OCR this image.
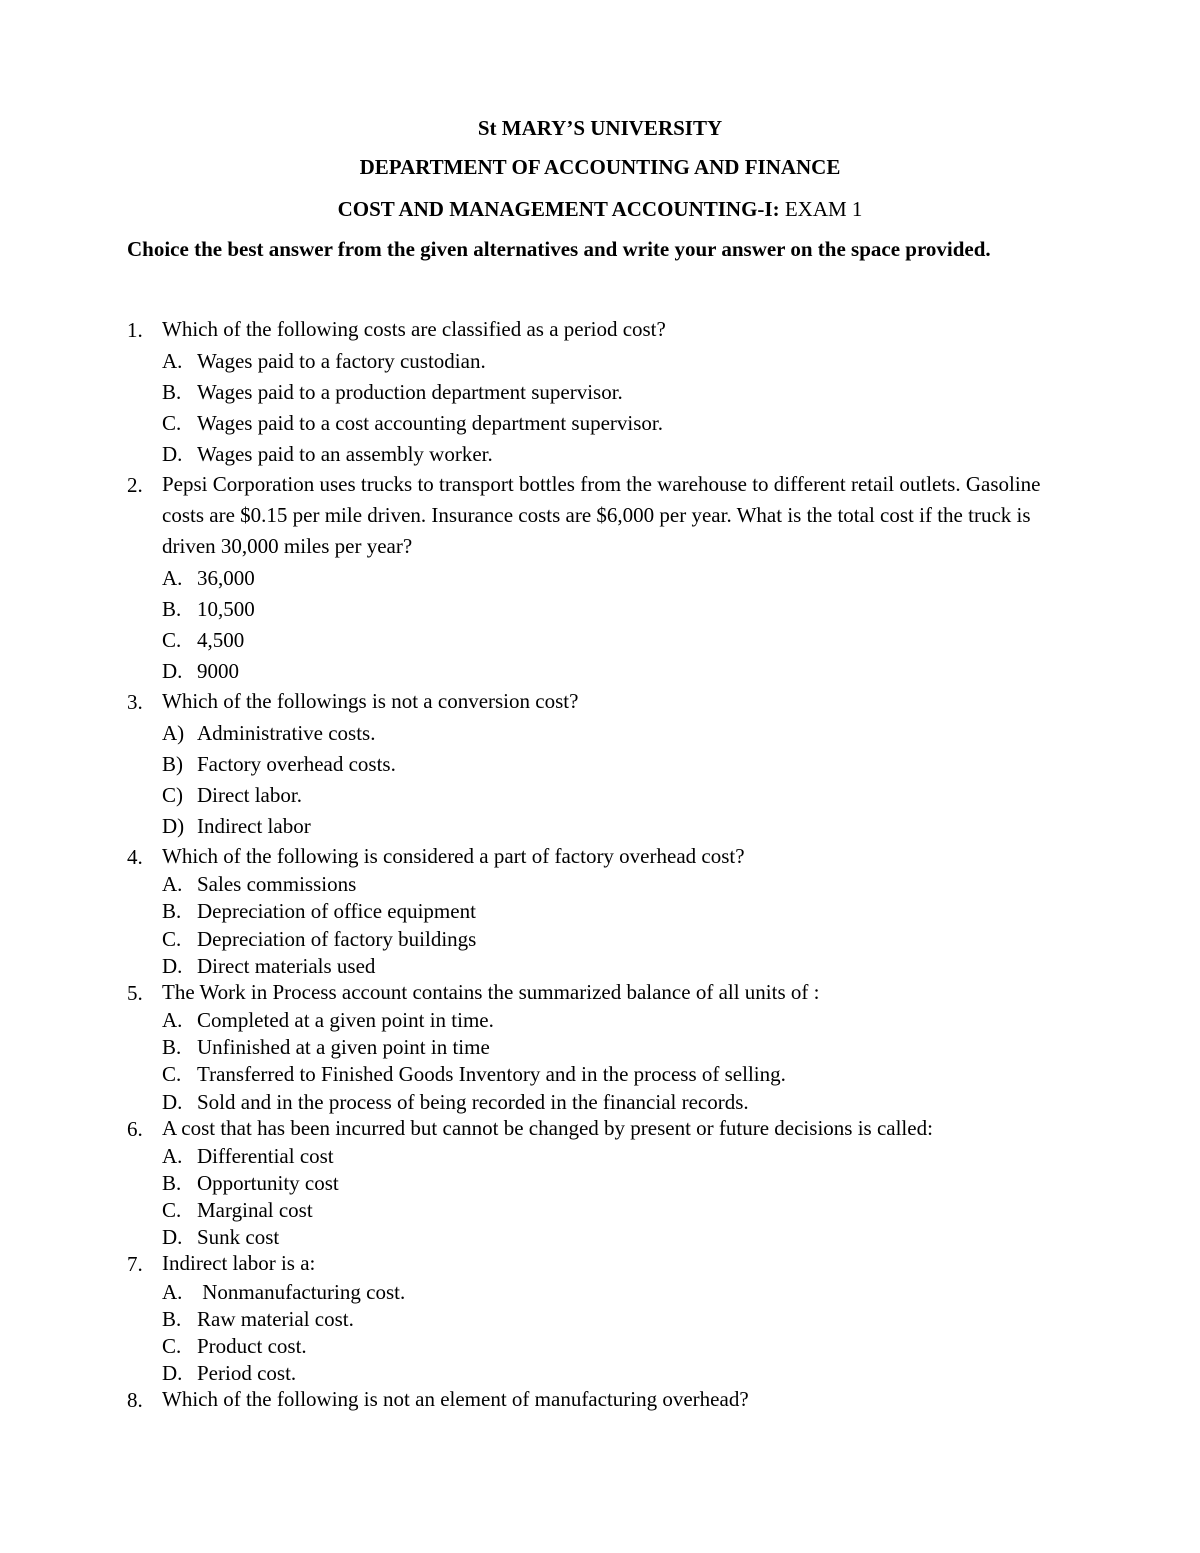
St MARY’S UNIVERSITY
DEPARTMENT OF ACCOUNTING AND FINANCE
COST AND MANAGEMENT ACCOUNTING-I: EXAM 1
Choice the best answer from the given alternatives and write your answer on the space provided.
1. Which of the following costs are classified as a period cost?
A. Wages paid to a factory custodian.
B. Wages paid to a production department supervisor.
C. Wages paid to a cost accounting department supervisor.
D. Wages paid to an assembly worker.
2. Pepsi Corporation uses trucks to transport bottles from the warehouse to different retail outlets. Gasoline costs are $0.15 per mile driven. Insurance costs are $6,000 per year. What is the total cost if the truck is driven 30,000 miles per year?
A. 36,000
B. 10,500
C. 4,500
D. 9000
3. Which of the followings is not a conversion cost?
A) Administrative costs.
B) Factory overhead costs.
C) Direct labor.
D) Indirect labor
4. Which of the following is considered a part of factory overhead cost?
A. Sales commissions
B. Depreciation of office equipment
C. Depreciation of factory buildings
D. Direct materials used
5. The Work in Process account contains the summarized balance of all units of :
A. Completed at a given point in time.
B. Unfinished at a given point in time
C. Transferred to Finished Goods Inventory and in the process of selling.
D. Sold and in the process of being recorded in the financial records.
6. A cost that has been incurred but cannot be changed by present or future decisions is called:
A. Differential cost
B. Opportunity cost
C. Marginal cost
D. Sunk cost
7. Indirect labor is a:
A. Nonmanufacturing cost.
B. Raw material cost.
C. Product cost.
D. Period cost.
8. Which of the following is not an element of manufacturing overhead?
